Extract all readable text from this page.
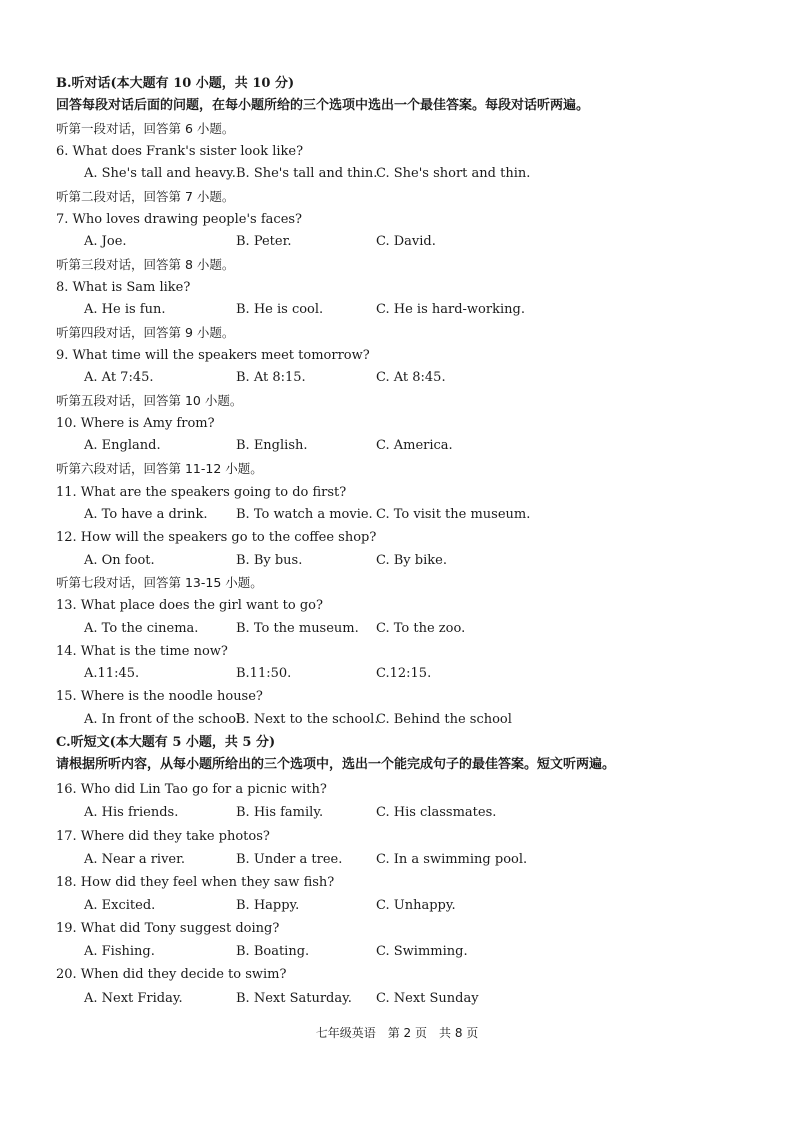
B.听对话(本大题有 10 小题，共 10 分)
回答每段对话后面的问题，在每小题所给的三个选项中选出一个最佳答案。每段对话听两遍。
听第一段对话，回答第 6 小题。
6. What does Frank's sister look like?
A. She's tall and heavy. B. She's tall and thin.
C. She's short and thin.
听第二段对话，回答第 7 小题。
7. Who loves drawing people's faces?
A. Joe.	B. Peter.	C. David.
听第三段对话，回答第 8 小题。
8. What is Sam like?
A. He is fun.	B. He is cool.	C. He is hard-working.
听第四段对话，回答第 9 小题。
9. What time will the speakers meet tomorrow?
A. At 7:45.	B. At 8:15.	C. At 8:45.
听第五段对话，回答第 10 小题。
10. Where is Amy from?
A. England.	B. English.	C. America.
听第六段对话，回答第 11-12 小题。
11. What are the speakers going to do first?
A. To have a drink. B. To watch a movie. C. To visit the museum.
12. How will the speakers go to the coffee shop?
A. On foot.	B. By bus.	C. By bike.
听第七段对话，回答第 13-15 小题。
13. What place does the girl want to go?
A. To the cinema.	B. To the museum. C. To the zoo.
14. What is the time now?
A.11:45.	B.11:50.	C.12:15.
15. Where is the noodle house?
A. In front of the school.
B. Next to the school.
C. Behind the school
C.听短文(本大题有 5 小题，共 5 分)
请根据所听内容，从每小题所给出的三个选项中，选出一个能完成句子的最佳答案。短文听两遍。
16. Who did Lin Tao go for a picnic with?
A. His friends.	B. His family.	C. His classmates.
17. Where did they take photos?
A. Near a river.	B. Under a tree.	C. In a swimming pool.
18. How did they feel when they saw fish?
A. Excited.	B. Happy.	C. Unhappy.
19. What did Tony suggest doing?
A. Fishing.	B. Boating.	C. Swimming.
20. When did they decide to swim?
A. Next Friday.	B. Next Saturday. C. Next Sunday
七年级英语　第 2 页　共 8 页
